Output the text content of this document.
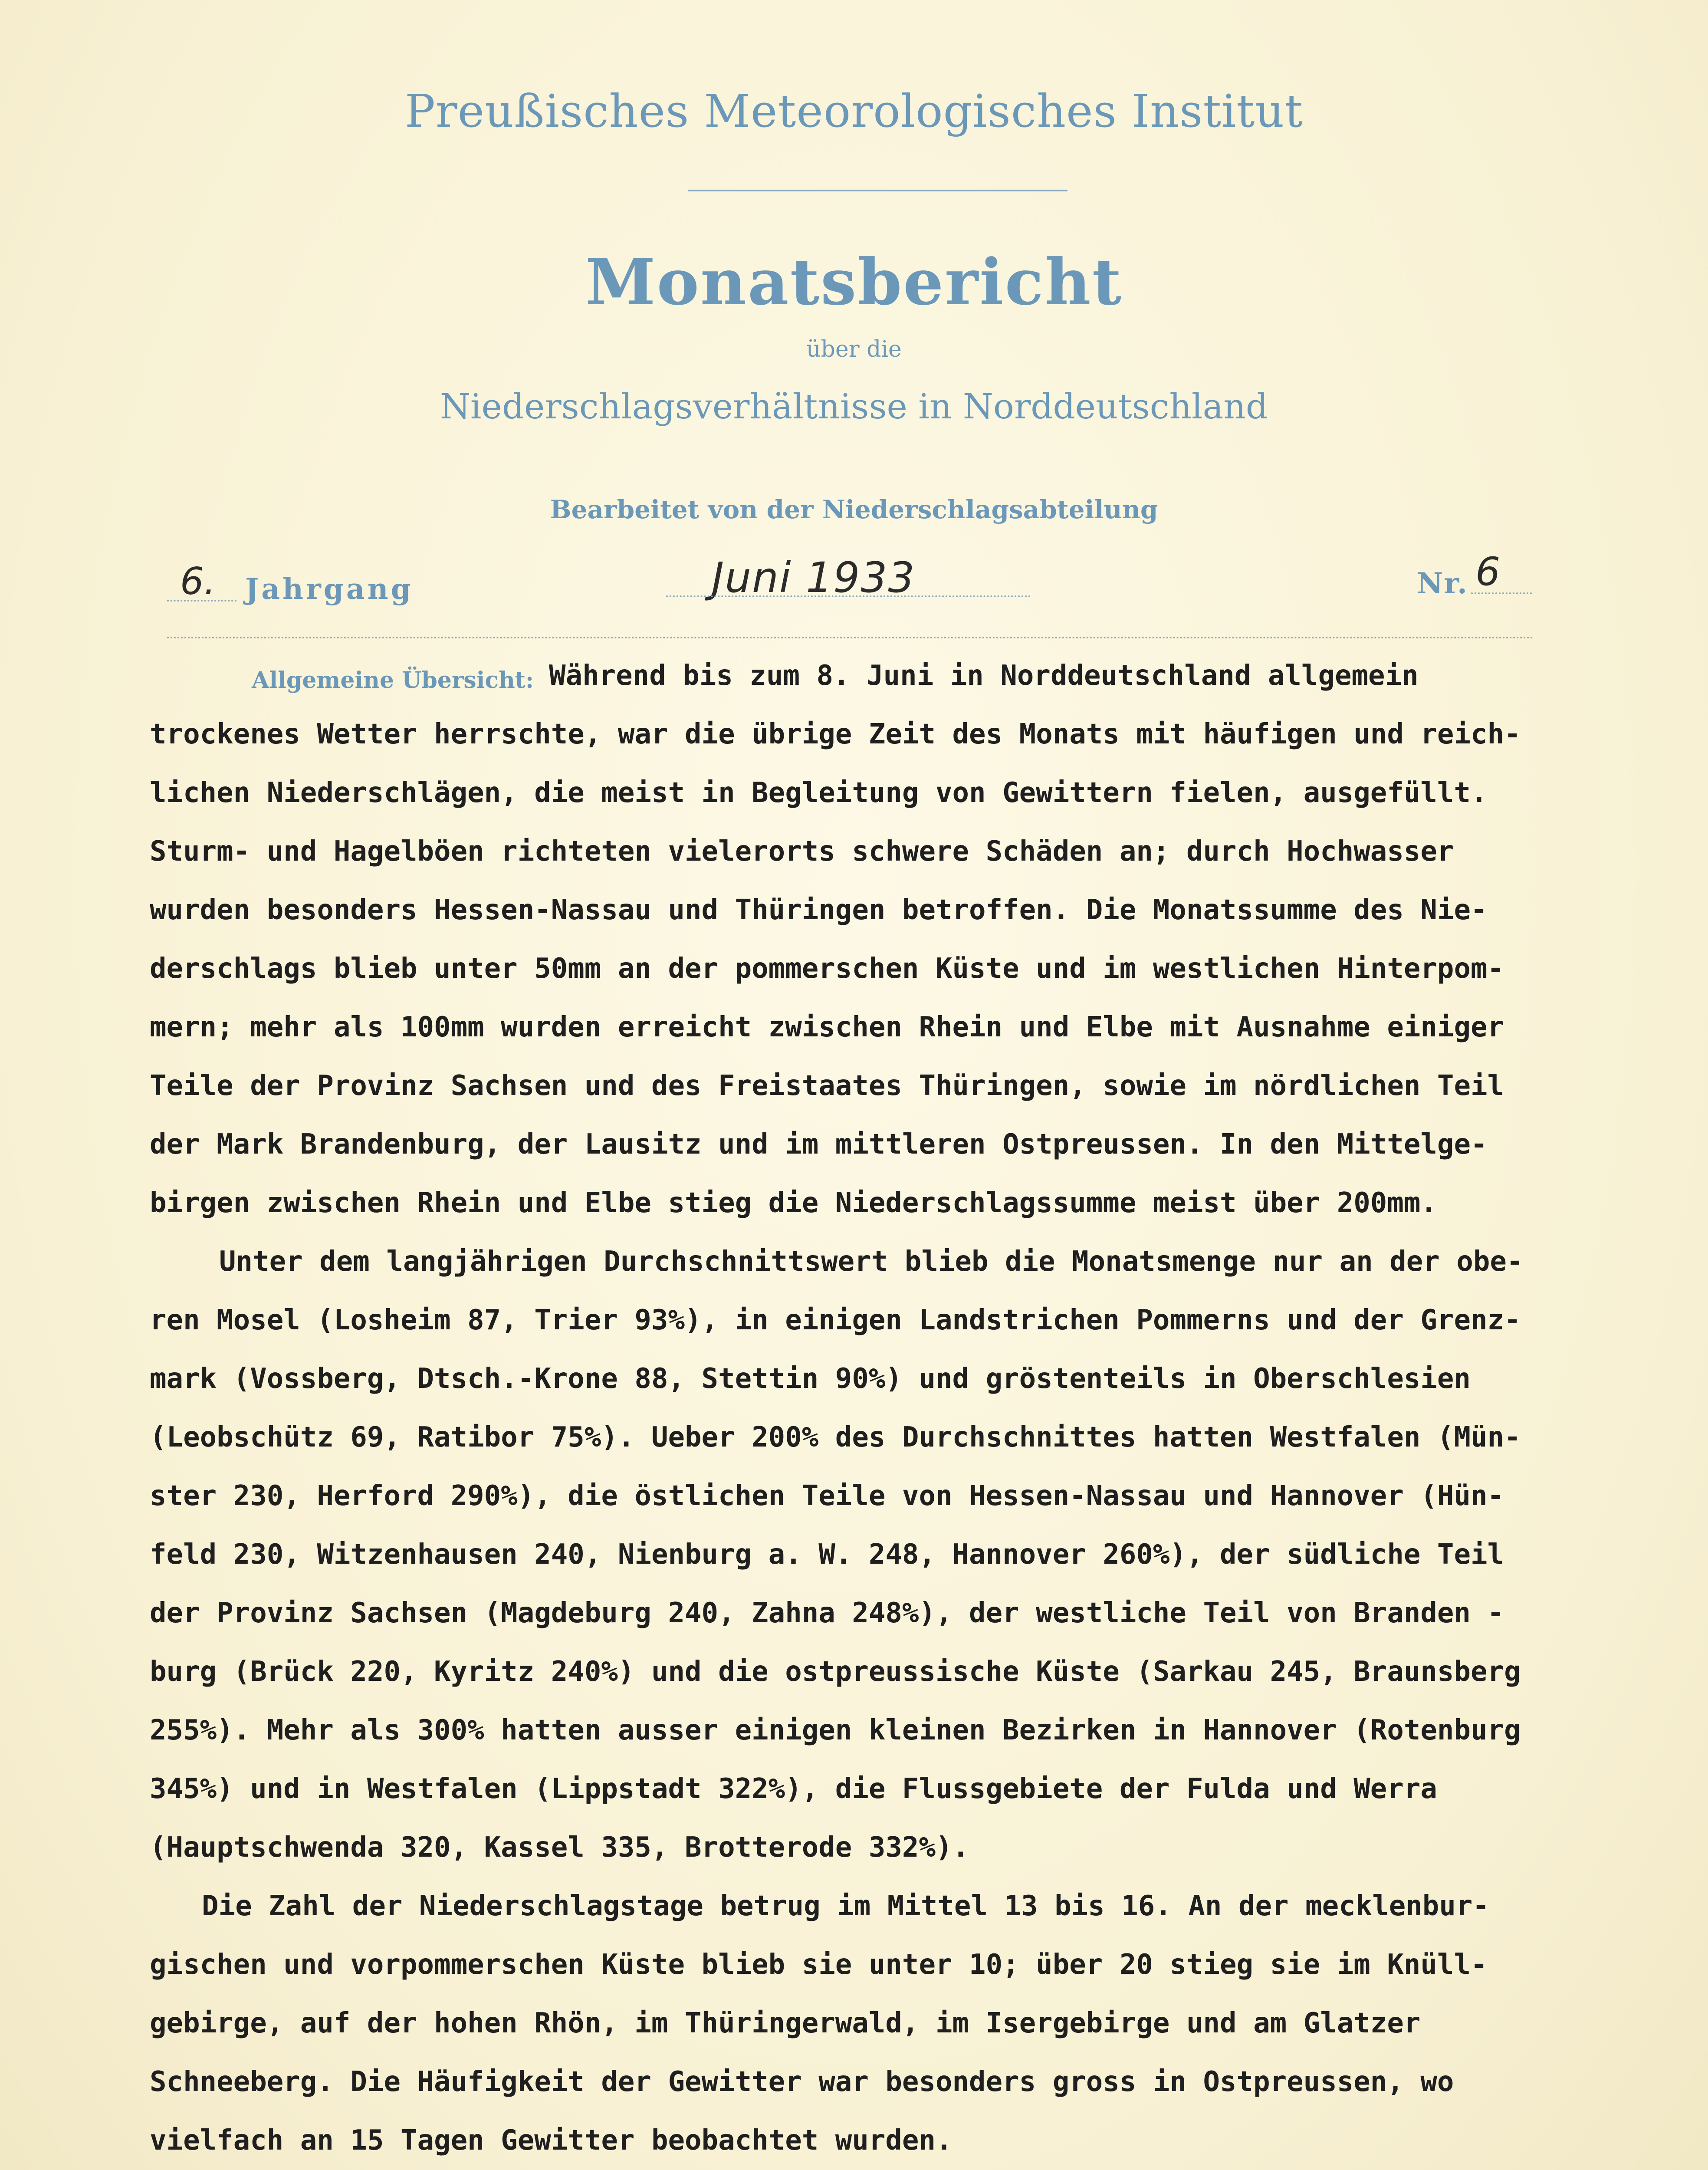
Preußisches Meteorologisches Institut
Monatsbericht
über die
Niederschlagsverhältnisse in Norddeutschland
Bearbeitet von der Niederschlagsabteilung
6. Jahrgang	Juni 1933	Nr. 6
Allgemeine Übersicht:

Während bis zum 8. Juni in Norddeutschland allgemein

trockenes Wetter herrschte, war die übrige Zeit des Monats mit häufigen und reich-

lichen Niederschlägen, die meist in Begleitung von Gewittern fielen, ausgefüllt.

Sturm- und Hagelböen richteten vielerorts schwere Schäden an; durch Hochwasser

wurden besonders Hessen-Nassau und Thüringen betroffen. Die Monatssumme des Nie-

derschlags blieb unter 50mm an der pommerschen Küste und im westlichen Hinterpom-

mern; mehr als 100mm wurden erreicht zwischen Rhein und Elbe mit Ausnahme einiger

Teile der Provinz Sachsen und des Freistaates Thüringen, sowie im nördlichen Teil

der Mark Brandenburg, der Lausitz und im mittleren Ostpreussen. In den Mittelge-

birgen zwischen Rhein und Elbe stieg die Niederschlagssumme meist über 200mm.

Unter dem langjährigen Durchschnittswert blieb die Monatsmenge nur an der obe-

ren Mosel (Losheim 87, Trier 93%), in einigen Landstrichen Pommerns und der Grenz-

mark (Vossberg, Dtsch.-Krone 88, Stettin 90%) und gröstenteils in Oberschlesien

(Leobschütz 69, Ratibor 75%). Ueber 200% des Durchschnittes hatten Westfalen (Mün-

ster 230, Herford 290%), die östlichen Teile von Hessen-Nassau und Hannover (Hün-

feld 230, Witzenhausen 240, Nienburg a. W. 248, Hannover 260%), der südliche Teil

der Provinz Sachsen (Magdeburg 240, Zahna 248%), der westliche Teil von Branden -

burg (Brück 220, Kyritz 240%) und die ostpreussische Küste (Sarkau 245, Braunsberg

255%). Mehr als 300% hatten ausser einigen kleinen Bezirken in Hannover (Rotenburg

345%) und in Westfalen (Lippstadt 322%), die Flussgebiete der Fulda und Werra

(Hauptschwenda 320, Kassel 335, Brotterode 332%).

Die Zahl der Niederschlagstage betrug im Mittel 13 bis 16. An der mecklenbur-

gischen und vorpommerschen Küste blieb sie unter 10; über 20 stieg sie im Knüll-

gebirge, auf der hohen Rhön, im Thüringerwald, im Isergebirge und am Glatzer

Schneeberg. Die Häufigkeit der Gewitter war besonders gross in Ostpreussen, wo

vielfach an 15 Tagen Gewitter beobachtet wurden.
